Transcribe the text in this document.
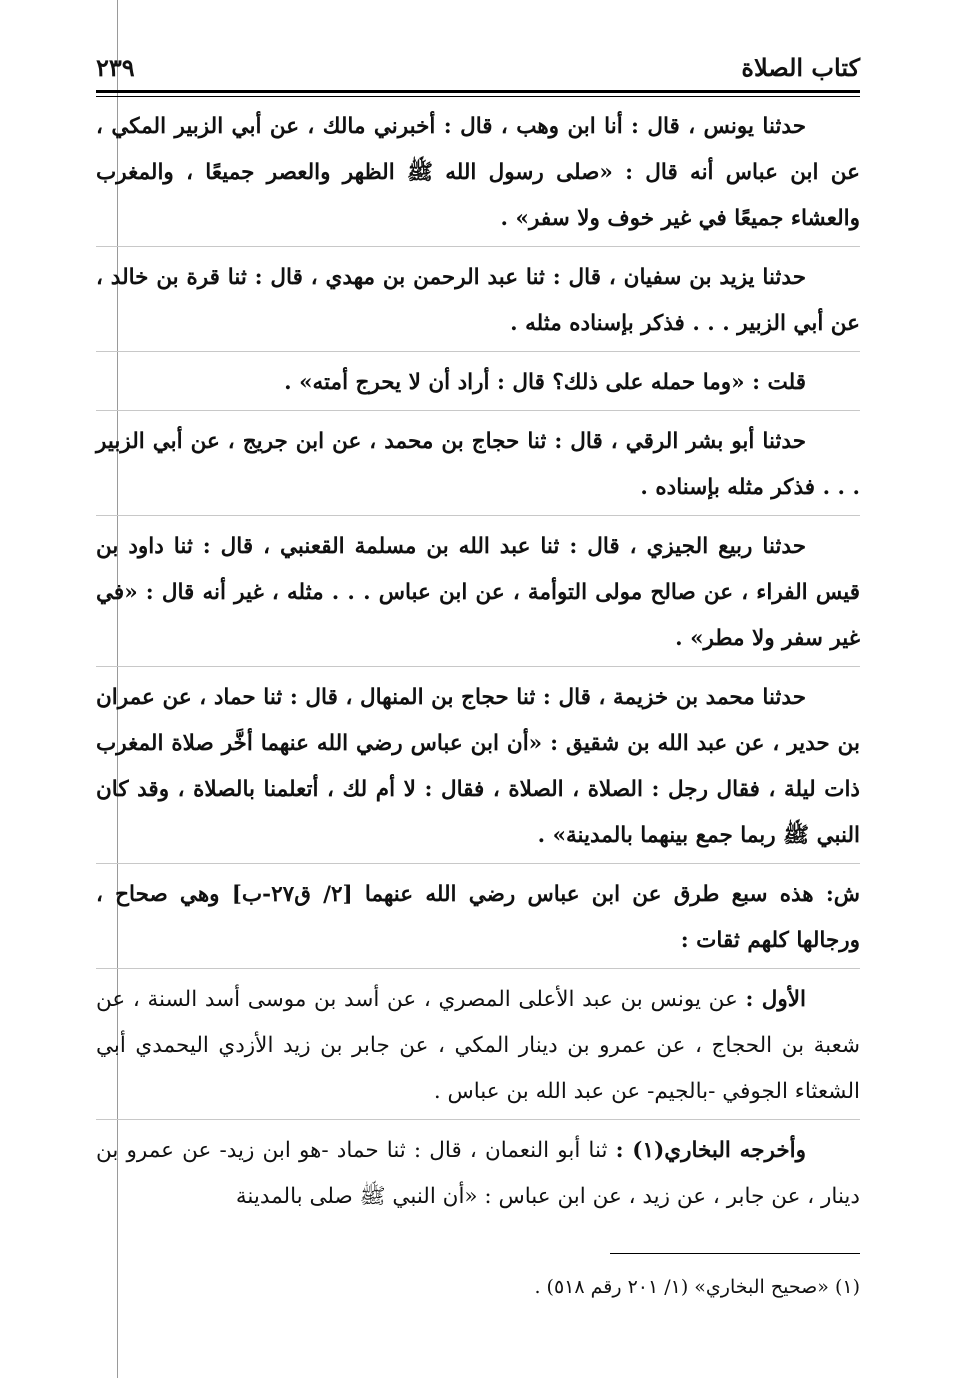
كتاب الصلاة
٢٣٩

حدثنا يونس ، قال : أنا ابن وهب ، قال : أخبرني مالك ، عن أبي الزبير المكي ، عن ابن عباس أنه قال : «صلى رسول الله ﷺ الظهر والعصر جميعًا ، والمغرب والعشاء جميعًا في غير خوف ولا سفر» .

حدثنا يزيد بن سفيان ، قال : ثنا عبد الرحمن بن مهدي ، قال : ثنا قرة بن خالد ، عن أبي الزبير . . . فذكر بإسناده مثله .

قلت : «وما حمله على ذلك؟ قال : أراد أن لا يحرج أمته» .

حدثنا أبو بشر الرقي ، قال : ثنا حجاج بن محمد ، عن ابن جريج ، عن أبي الزبير . . . فذكر مثله بإسناده .

حدثنا ربيع الجيزي ، قال : ثنا عبد الله بن مسلمة القعنبي ، قال : ثنا داود بن قيس الفراء ، عن صالح مولى التوأمة ، عن ابن عباس . . . مثله ، غير أنه قال : «في غير سفر ولا مطر» .

حدثنا محمد بن خزيمة ، قال : ثنا حجاج بن المنهال ، قال : ثنا حماد ، عن عمران بن حدير ، عن عبد الله بن شقيق : «أن ابن عباس رضي الله عنهما أخَّر صلاة المغرب ذات ليلة ، فقال رجل : الصلاة ، الصلاة ، فقال : لا أم لك ، أتعلمنا بالصلاة ، وقد كان النبي ﷺ ربما جمع بينهما بالمدينة» .

ش: هذه سبع طرق عن ابن عباس رضي الله عنهما [٢/ ق٢٧-ب] وهي صحاح ، ورجالها كلهم ثقات :

الأول : عن يونس بن عبد الأعلى المصري ، عن أسد بن موسى أسد السنة ، عن شعبة بن الحجاج ، عن عمرو بن دينار المكي ، عن جابر بن زيد الأزدي اليحمدي أبي الشعثاء الجوفي -بالجيم- عن عبد الله بن عباس .

وأخرجه البخاري(١) : ثنا أبو النعمان ، قال : ثنا حماد -هو ابن زيد- عن عمرو بن دينار ، عن جابر ، عن زيد ، عن ابن عباس : «أن النبي ﷺ صلى بالمدينة

(١) «صحيح البخاري» (١/ ٢٠١ رقم ٥١٨) .
